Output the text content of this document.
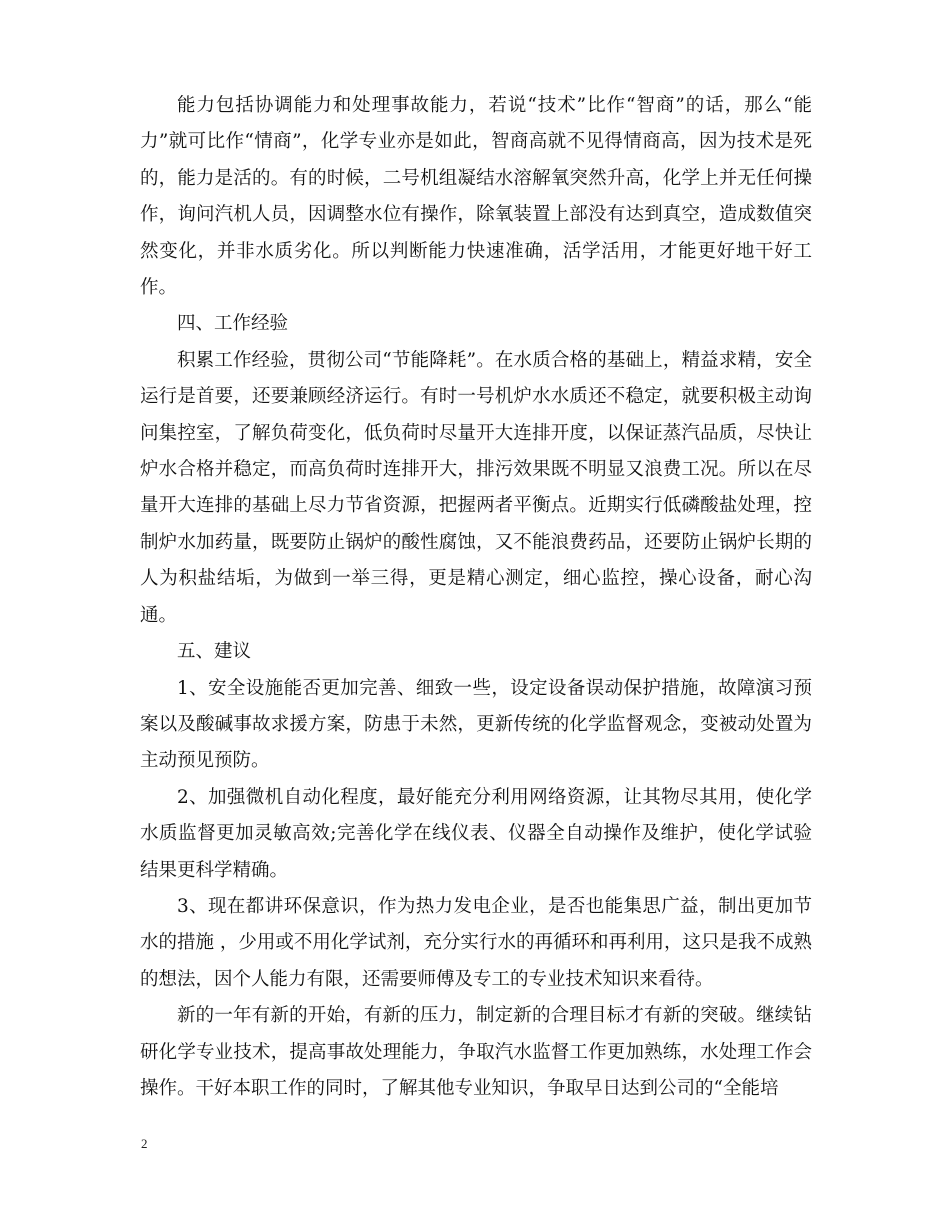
能力包括协调能力和处理事故能力，若说“技术”比作“智商”的话，那么“能力”就可比作“情商”，化学专业亦是如此，智商高就不见得情商高，因为技术是死的，能力是活的。有的时候，二号机组凝结水溶解氧突然升高，化学上并无任何操作，询问汽机人员，因调整水位有操作，除氧装置上部没有达到真空，造成数值突然变化，并非水质劣化。所以判断能力快速准确，活学活用，才能更好地干好工作。

四、工作经验

积累工作经验，贯彻公司“节能降耗”。在水质合格的基础上，精益求精，安全运行是首要，还要兼顾经济运行。有时一号机炉水水质还不稳定，就要积极主动询问集控室，了解负荷变化，低负荷时尽量开大连排开度，以保证蒸汽品质，尽快让炉水合格并稳定，而高负荷时连排开大，排污效果既不明显又浪费工况。所以在尽量开大连排的基础上尽力节省资源，把握两者平衡点。近期实行低磷酸盐处理，控制炉水加药量，既要防止锅炉的酸性腐蚀，又不能浪费药品，还要防止锅炉长期的人为积盐结垢，为做到一举三得，更是精心测定，细心监控，操心设备，耐心沟通。

五、建议

1、安全设施能否更加完善、细致一些，设定设备误动保护措施，故障演习预案以及酸碱事故求援方案，防患于未然，更新传统的化学监督观念，变被动处置为主动预见预防。

2、加强微机自动化程度，最好能充分利用网络资源，让其物尽其用，使化学水质监督更加灵敏高效;完善化学在线仪表、仪器全自动操作及维护，使化学试验结果更科学精确。

3、现在都讲环保意识，作为热力发电企业，是否也能集思广益，制出更加节水的措施 ，少用或不用化学试剂，充分实行水的再循环和再利用，这只是我不成熟的想法，因个人能力有限，还需要师傅及专工的专业技术知识来看待。

新的一年有新的开始，有新的压力，制定新的合理目标才有新的突破。继续钻研化学专业技术，提高事故处理能力，争取汽水监督工作更加熟练，水处理工作会操作。干好本职工作的同时，了解其他专业知识，争取早日达到公司的“全能培

2
